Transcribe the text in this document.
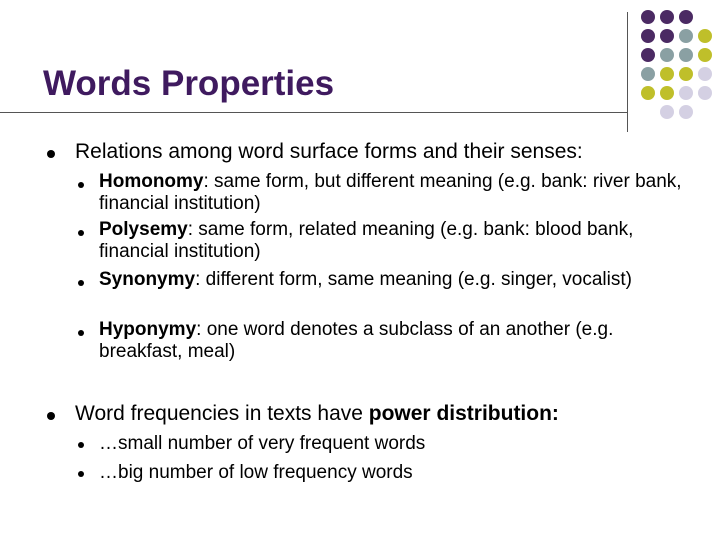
Words Properties
Relations among word surface forms and their senses:
Homonomy: same form, but different meaning (e.g. bank: river bank, financial institution)
Polysemy: same form, related meaning (e.g. bank: blood bank, financial institution)
Synonymy: different form, same meaning (e.g. singer, vocalist)
Hyponymy: one word denotes a subclass of an another (e.g. breakfast, meal)
Word frequencies in texts have power distribution:
…small number of very frequent words
…big number of low frequency words
